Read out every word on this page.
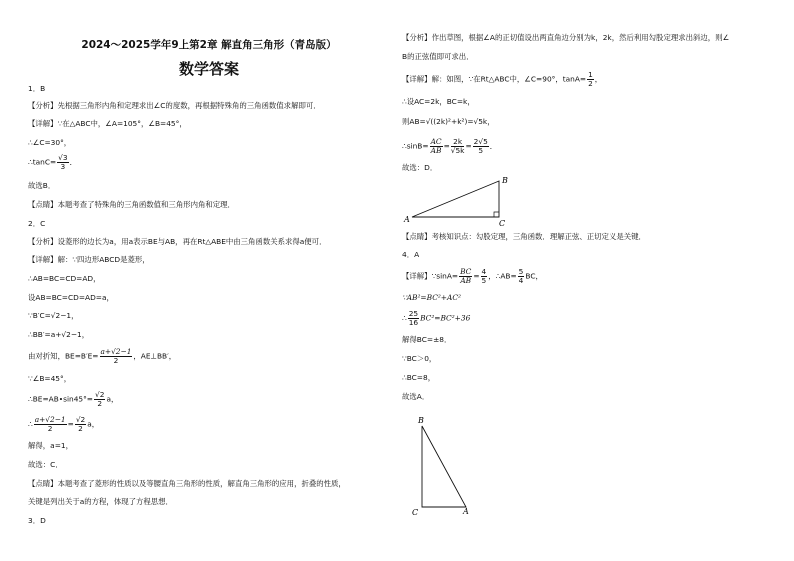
2024～2025学年9上第2章 解直角三角形（青岛版）
数学答案
1．B
【分析】先根据三角形内角和定理求出∠C的度数，再根据特殊角的三角函数值求解即可．
【详解】∵在△ABC中，∠A=105°，∠B=45°，
∴∠C=30°，
∴tanC= $\frac{√3}{3}$ ．
故选B．
【点睛】本题考查了特殊角的三角函数值和三角形内角和定理．
2．C
【分析】设菱形的边长为a，用a表示BE与AB，再在Rt△ABE中由三角函数关系求得a便可．
【详解】解：∵四边形ABCD是菱形，
∴AB=BC=CD=AD，
设AB=BC=CD=AD=a，
∵B′C=√2−1，
∴BB′=a+√2−1，
由对折知，$BE=B'E= \frac{a+√2-1}{2}$ ，AE⊥BB′，
∵∠B=45°，
∴BE=AB•sin45°= $\frac{√2}{2}$ a，
∴ $\frac{a+√2-1}{2} = \frac{√2}{2}$ a，
解得，a=1，
故选：C．
【点睛】本题考查了菱形的性质以及等腰直角三角形的性质，解直角三角形的应用，折叠的性质，
关键是列出关于a的方程，体现了方程思想．
3．D
【分析】作出草图，根据∠A的正切值设出两直角边分别为k，2k，然后利用勾股定理求出斜边，则∠
B的正弦值即可求出．
【详解】解：如图，∵在Rt△ABC中，∠C=90°，$\tan A= \frac{1}{2}$ ，
∴设AC=2k，BC=k，
则AB=√((2k)²+k²)=√5k，
∴sinB= $\frac{AC}{AB} = \frac{2k}{√5k} = \frac{2√5}{5}$ ．
故选：D．
A
B
C
【点睛】考核知识点：勾股定理，三角函数．理解正弦、正切定义是关键．
4．A
【详解】∵sinA= $\frac{BC}{AB} = \frac{4}{5}$ ，∴AB= $\frac{5}{4}$ BC，
∵AB²=BC²+AC²
∴ $\frac{25}{16} BC^2=BC^2+36$
解得BC=±8．
∵BC＞0，
∴BC=8，
故选A．
B
C	A
